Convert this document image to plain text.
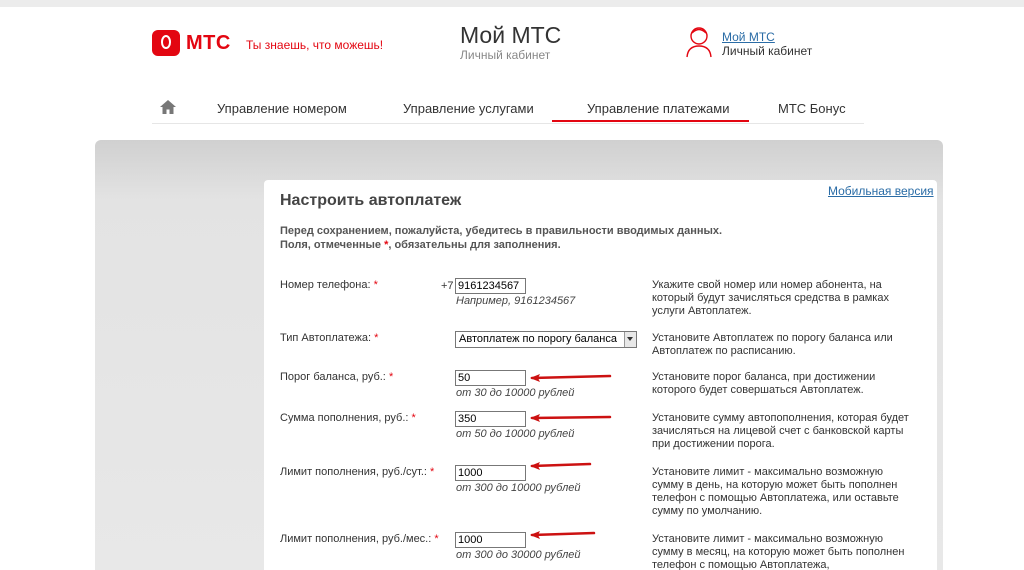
МТС Ты знаешь, что можешь!	Мой МТС
Личный кабинет
Мой МТС
Личный кабинет
Управление номером	Управление услугами	Управление платежами	МТС Бонус
Мобильная версия
Настроить автоплатеж
Перед сохранением, пожалуйста, убедитесь в правильности вводимых данных.
Поля, отмеченные *, обязательны для заполнения.
Номер телефона: *	+7 9161234567
Например, 9161234567
Укажите свой номер или номер абонента, на который будут зачисляться средства в рамках услуги Автоплатеж.
Тип Автоплатежа: *	Автоплатеж по порогу баланса	Установите Автоплатеж по порогу баланса или Автоплатеж по расписанию.
Порог баланса, руб.: *	50
от 30 до 10000 рублей
Установите порог баланса, при достижении которого будет совершаться Автоплатеж.
Сумма пополнения, руб.: *	350
от 50 до 10000 рублей
Установите сумму автопополнения, которая будет зачисляться на лицевой счет с банковской карты при достижении порога.
Лимит пополнения, руб./сут.: * 1000
от 300 до 10000 рублей
Установите лимит - максимально возможную сумму в день, на которую может быть пополнен телефон с помощью Автоплатежа, или оставьте сумму по умолчанию.
Лимит пополнения, руб./мес.: * 1000
от 300 до 30000 рублей
Установите лимит - максимально возможную сумму в месяц, на которую может быть пополнен телефон с помощью Автоплатежа,
